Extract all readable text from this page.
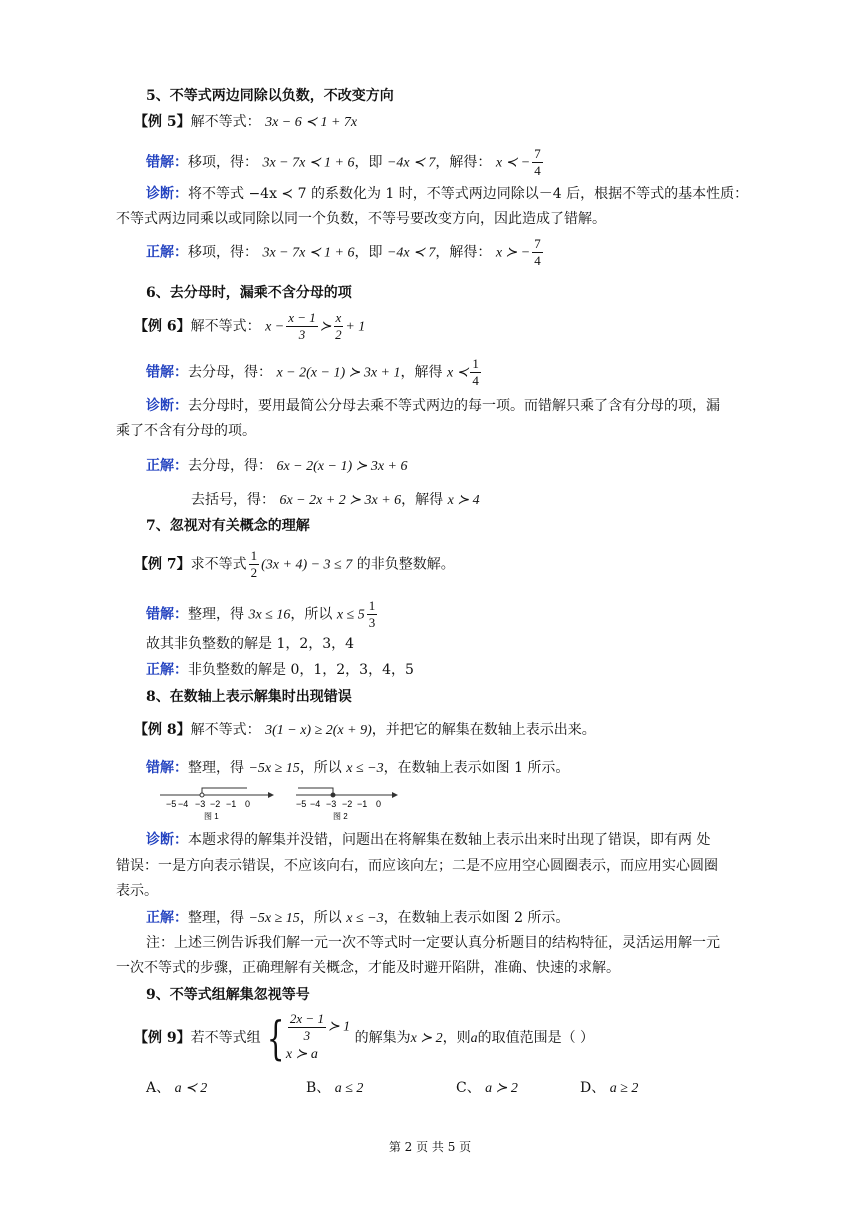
5、不等式两边同除以负数，不改变方向
【例 5】解不等式： 3x − 6 ≺ 1 + 7x
错解：移项，得： 3x − 7x ≺ 1 + 6，即 −4x ≺ 7，解得： x ≺ − $\frac{7}{4}$
诊断：将不等式 −4x ≺ 7 的系数化为 1 时，不等式两边同除以－4 后，根据不等式的基本性质：
不等式两边同乘以或同除以同一个负数，不等号要改变方向，因此造成了错解。
正解：移项，得： 3x − 7x ≺ 1 + 6，即 −4x ≺ 7，解得： x ≻ − $\frac{7}{4}$
6、去分母时，漏乘不含分母的项
【例 6】解不等式： $x - \frac{x - 1}{3}$ ≻ $\frac{x}{2} + 1$
错解：去分母，得： x − 2(x − 1) ≻ 3x + 1，解得 x ≺ $\frac{1}{4}$
诊断：去分母时，要用最简公分母去乘不等式两边的每一项。而错解只乘了含有分母的项，漏
乘了不含有分母的项。
正解：去分母，得： 6x − 2(x − 1) ≻ 3x + 6
去括号，得： 6x − 2x + 2 ≻ 3x + 6，解得 x ≻ 4
7、忽视对有关概念的理解
【例 7】求不等式 $\frac{1}{2} (3x + 4) - 3 \le 7$ 的非负整数解。
错解：整理，得 3x ≤ 16，所以 $x \le 5 \frac{1}{3}$
故其非负整数的解是 1，2，3，4
正解：非负整数的解是 0，1，2，3，4，5
8、在数轴上表示解集时出现错误
【例 8】解不等式： 3(1 − x) ≥ 2(x + 9)，并把它的解集在数轴上表示出来。
错解：整理，得 −5x ≥ 15，所以 x ≤ −3，在数轴上表示如图 1 所示。
−5 −4 −3 −2 −1 0
图 1
−5 −4 −3 −2 −1 0
图 2
诊断：本题求得的解集并没错，问题出在将解集在数轴上表示出来时出现了错误，即有两 处
错误：一是方向表示错误，不应该向右，而应该向左；二是不应用空心圆圈表示，而应用实心圆圈
表示。
正解：整理，得 −5x ≥ 15，所以 x ≤ −3，在数轴上表示如图 2 所示。
注：上述三例告诉我们解一元一次不等式时一定要认真分析题目的结构特征，灵活运用解一元
一次不等式的步骤，正确理解有关概念，才能及时避开陷阱，准确、快速的求解。
9、不等式组解集忽视等号
【例 9】若不等式组 { $\frac{2x - 1}{3}$ ≻ 1
x ≻ a
的解集为x ≻ 2，则a的取值范围是（ ）
A、 a ≺ 2	B、 a ≤ 2	C、 a ≻ 2	D、 a ≥ 2
第 2 页 共 5 页
